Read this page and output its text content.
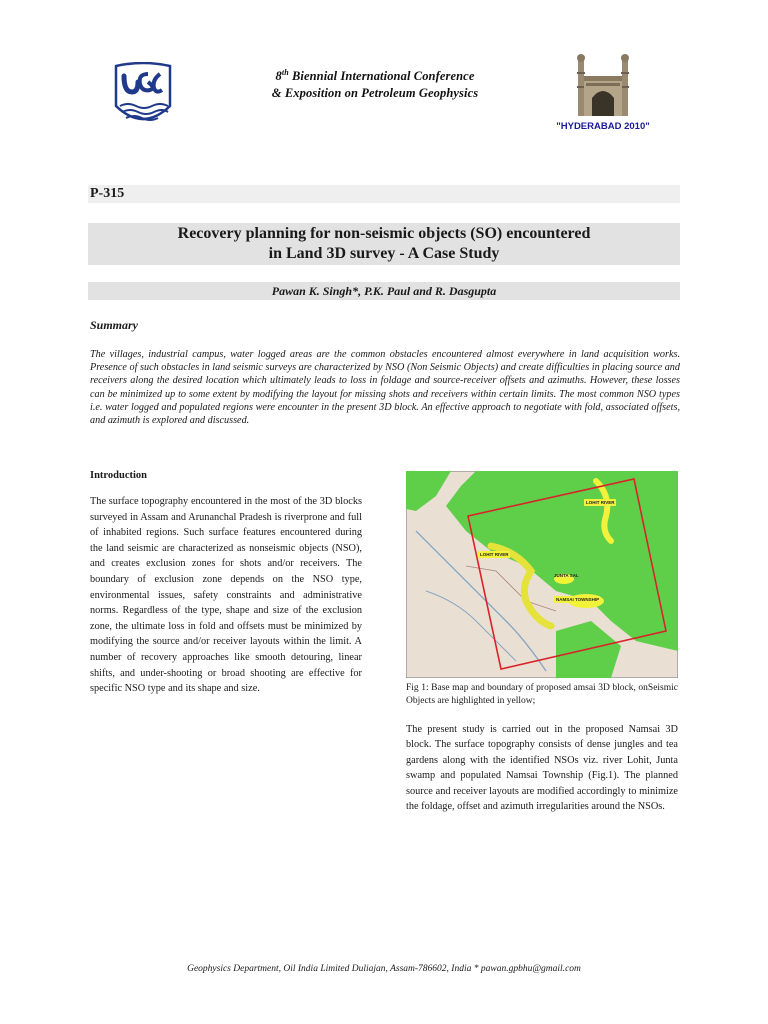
8th Biennial International Conference
& Exposition on Petroleum Geophysics
"HYDERABAD 2010"
P-315
Recovery planning for non-seismic objects (SO) encountered
in Land 3D survey - A Case Study
Pawan K. Singh*, P.K. Paul and R. Dasgupta
Summary
The villages, industrial campus, water logged areas are the common obstacles encountered almost everywhere in land acquisition works. Presence of such obstacles in land seismic surveys are characterized by NSO (Non Seismic Objects) and create difficulties in placing source and receivers along the desired location which ultimately leads to loss in foldage and source-receiver offsets and azimuths. However, these losses can be minimized up to some extent by modifying the layout for missing shots and receivers within certain limits. The most common NSO types i.e. water logged and populated regions were encounter in the present 3D block. An effective approach to negotiate with fold, associated offsets, and azimuth is explored and discussed.
Introduction
The surface topography encountered in the most of the 3D blocks surveyed in Assam and Arunanchal Pradesh is riverprone and full of inhabited regions. Such surface features encountered during the land seismic are characterized as nonseismic objects (NSO), and creates exclusion zones for shots and/or receivers. The boundary of exclusion zone depends on the NSO type, environmental issues, safety constraints and administrative norms. Regardless of the type, shape and size of the exclusion zone, the ultimate loss in fold and offsets must be minimized by modifying the source and/or receiver layouts within the limit. A number of recovery approaches like smooth detouring, linear shifts, and under-shooting or broad shooting are effective for specific NSO type and its shape and size.
LOHIT RIVER
LOHIT RIVER
JUNTA SAL
NAMSAI TOWNSHIP
Fig 1: Base map and boundary of proposed amsai 3D block, onSeismic Objects are highlighted in yellow;
The present study is carried out in the proposed Namsai 3D block. The surface topography consists of dense jungles and tea gardens along with the identified NSOs viz. river Lohit, Junta swamp and populated Namsai Township (Fig.1). The planned source and receiver layouts are modified accordingly to minimize the foldage, offset and azimuth irregularities around the NSOs.
Geophysics Department, Oil India Limited Duliajan, Assam-786602, India * pawan.gpbhu@gmail.com
